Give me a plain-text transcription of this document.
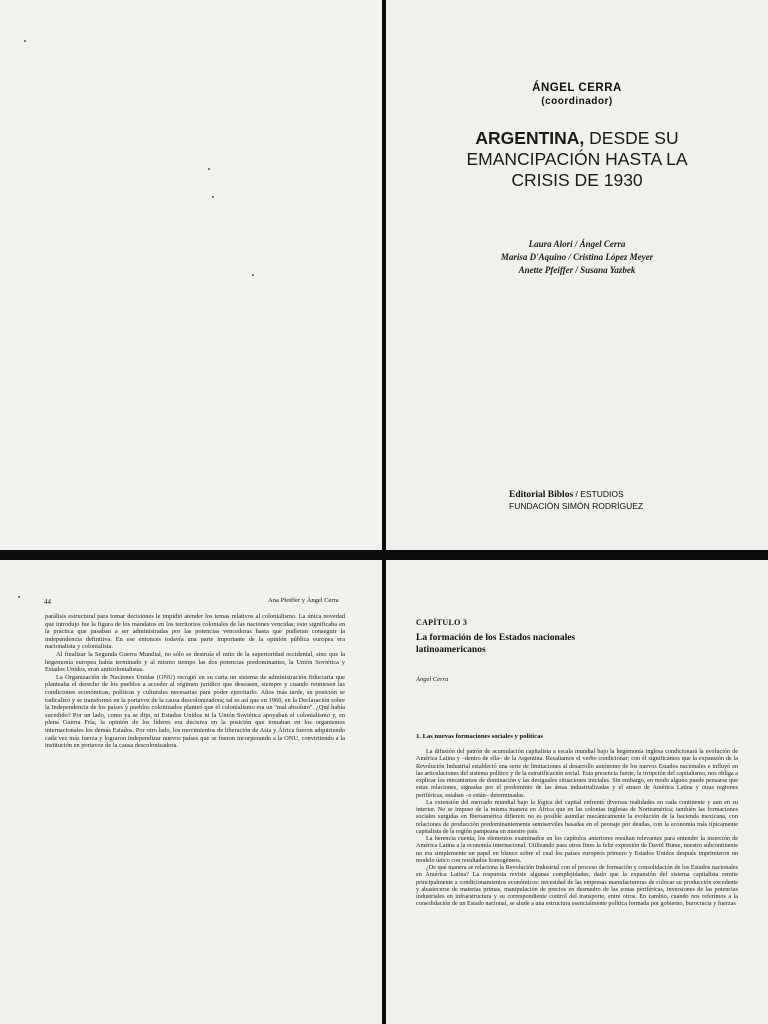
ÁNGEL CERRA
(coordinador)
ARGENTINA, DESDE SU
EMANCIPACIÓN HASTA LA
CRISIS DE 1930
Laura Alori / Ángel Cerra
Marisa D'Aquino / Cristina López Meyer
Anette Pfeiffer / Susana Yazbek
Editorial Biblos / ESTUDIOS
FUNDACIÓN SIMÓN RODRÍGUEZ
44	Ana Pfeiffer y Ángel Cerra

parálisis estructural para tomar decisiones le impidió atender los temas relativos al colonialismo. La única novedad que introdujo fue la figura de los mandatos en los territorios coloniales de las naciones vencidas; esto significaba en la práctica que pasaban a ser administradas por las potencias vencedoras hasta que pudieran conseguir la independencia definitiva. En ese entonces todavía una parte importante de la opinión pública europea era nacionalista y colonialista.

Al finalizar la Segunda Guerra Mundial, no sólo se destruía el mito de la superioridad occidental, sino que la hegemonía europea había terminado y al mismo tiempo las dos potencias predominantes, la Unión Soviética y Estados Unidos, eran anticolonialistas.

La Organización de Naciones Unidas (ONU) recogió en su carta un sistema de administración fiduciaria que planteaba el derecho de los pueblos a acceder al régimen jurídico que deseasen, siempre y cuando reuniesen las condiciones económicas, políticas y culturales necesarias para poder ejercitarlo. Años más tarde, su posición se radicalizó y se transformó en la portavoz de la causa descolonizadora; tal es así que en 1960, en la Declaración sobre la Independencia de los países y pueblos colonizados planteó que el colonialismo era un "mal absoluto". ¿Qué había sucedido? Por un lado, como ya se dijo, ni Estados Unidos ni la Unión Soviética apoyaban el colonialismo y, en plena Guerra Fría, la opinión de los líderes era decisiva en la posición que tomaban en los organismos internacionales los demás Estados. Por otro lado, los movimientos de liberación de Asia y África fueron adquiriendo cada vez más fuerza y lograron independizar nuevos países que se fueron incorporando a la ONU, convirtiendo a la institución en portavoz de la causa descolonizadora.

CAPÍTULO 3
La formación de los Estados nacionales
latinoamericanos
Ángel Cerra
1. Las nuevas formaciones sociales y políticas

La difusión del patrón de acumulación capitalista a escala mundial bajo la hegemonía inglesa condicionará la evolución de América Latina y –dentro de ella– de la Argentina. Resaltamos el verbo condicionar; con él significamos que la expansión de la Revolución Industrial estableció una serie de limitaciones al desarrollo autónomo de los nuevos Estados nacionales e influyó en las articulaciones del sistema político y de la estratificación social. Esta presencia fuerte, la irrupción del capitalismo, nos obliga a explicar los mecanismos de dominación y las desiguales situaciones iniciales. Sin embargo, en modo alguno puede pensarse que estas relaciones, signadas por el predominio de las áreas industrializadas y el atraso de América Latina y otras regiones periféricas, estaban –o están– determinadas.

La extensión del mercado mundial bajo la lógica del capital enfrentó diversas realidades en cada continente y aun en su interior. No se impuso de la misma manera en África que en las colonias inglesas de Norteamérica; también las formaciones sociales surgidas en Iberoamérica difieren: no es posible asimilar mecánicamente la evolución de la hacienda mexicana, con relaciones de producción predominantemente semiserviles basadas en el peonaje por deudas, con la economía más típicamente capitalista de la región pampeana en nuestro país.

La herencia cuenta; los elementos examinados en los capítulos anteriores resultan relevantes para entender la inserción de América Latina a la economía internacional. Utilizando para otros fines la feliz expresión de David Hume, nuestro subcontinente no era simplemente un papel en blanco sobre el cual los países europeos primero y Estados Unidos después imprimieron un modelo único con resultados homogéneos.

¿De qué manera se relaciona la Revolución Industrial con el proceso de formación y consolidación de los Estados nacionales en América Latina? La respuesta reviste algunas complejidades, dado que la expansión del sistema capitalista remite principalmente a condicionamientos económicos: necesidad de las empresas manufactureras de colocar su producción excedente y abastecerse de materias primas, manipulación de precios en desmedro de las zonas periféricas, inversiones de las potencias industriales en infraestructura y su correspondiente control del transporte, entre otros. En cambio, cuando nos referimos a la consolidación de un Estado nacional, se alude a una estructura esencialmente política formada por gobierno, burocracia y fuerzas
